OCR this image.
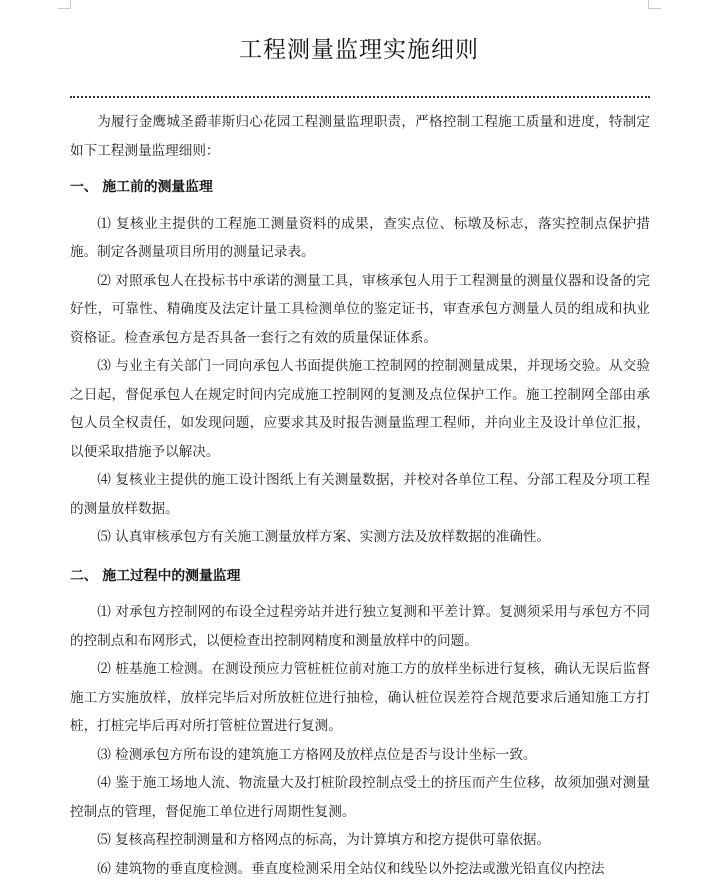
工程测量监理实施细则

为履行金鹰城圣爵菲斯归心花园工程测量监理职责，严格控制工程施工质量和进度，特制定如下工程测量监理细则：

一、 施工前的测量监理

⑴ 复核业主提供的工程施工测量资料的成果，查实点位、标墩及标志，落实控制点保护措施。制定各测量项目所用的测量记录表。

⑵ 对照承包人在投标书中承诺的测量工具，审核承包人用于工程测量的测量仪器和设备的完好性，可靠性、精确度及法定计量工具检测单位的鉴定证书，审查承包方测量人员的组成和执业资格证。检查承包方是否具备一套行之有效的质量保证体系。

⑶ 与业主有关部门一同向承包人书面提供施工控制网的控制测量成果，并现场交验。从交验之日起，督促承包人在规定时间内完成施工控制网的复测及点位保护工作。施工控制网全部由承包人员全权责任，如发现问题，应要求其及时报告测量监理工程师，并向业主及设计单位汇报，以便采取措施予以解决。

⑷ 复核业主提供的施工设计图纸上有关测量数据，并校对各单位工程、分部工程及分项工程的测量放样数据。

⑸ 认真审核承包方有关施工测量放样方案、实测方法及放样数据的准确性。

二、 施工过程中的测量监理

⑴ 对承包方控制网的布设全过程旁站并进行独立复测和平差计算。复测须采用与承包方不同的控制点和布网形式，以便检查出控制网精度和测量放样中的问题。

⑵ 桩基施工检测。在测设预应力管桩桩位前对施工方的放样坐标进行复核，确认无误后监督施工方实施放样，放样完毕后对所放桩位进行抽检，确认桩位误差符合规范要求后通知施工方打桩，打桩完毕后再对所打管桩位置进行复测。

⑶ 检测承包方所布设的建筑施工方格网及放样点位是否与设计坐标一致。

⑷ 鉴于施工场地人流、物流量大及打桩阶段控制点受土的挤压而产生位移，故须加强对测量控制点的管理，督促施工单位进行周期性复测。

⑸ 复核高程控制测量和方格网点的标高，为计算填方和挖方提供可靠依据。

⑹ 建筑物的垂直度检测。垂直度检测采用全站仪和线坠以外挖法或激光铅直仪内控法
